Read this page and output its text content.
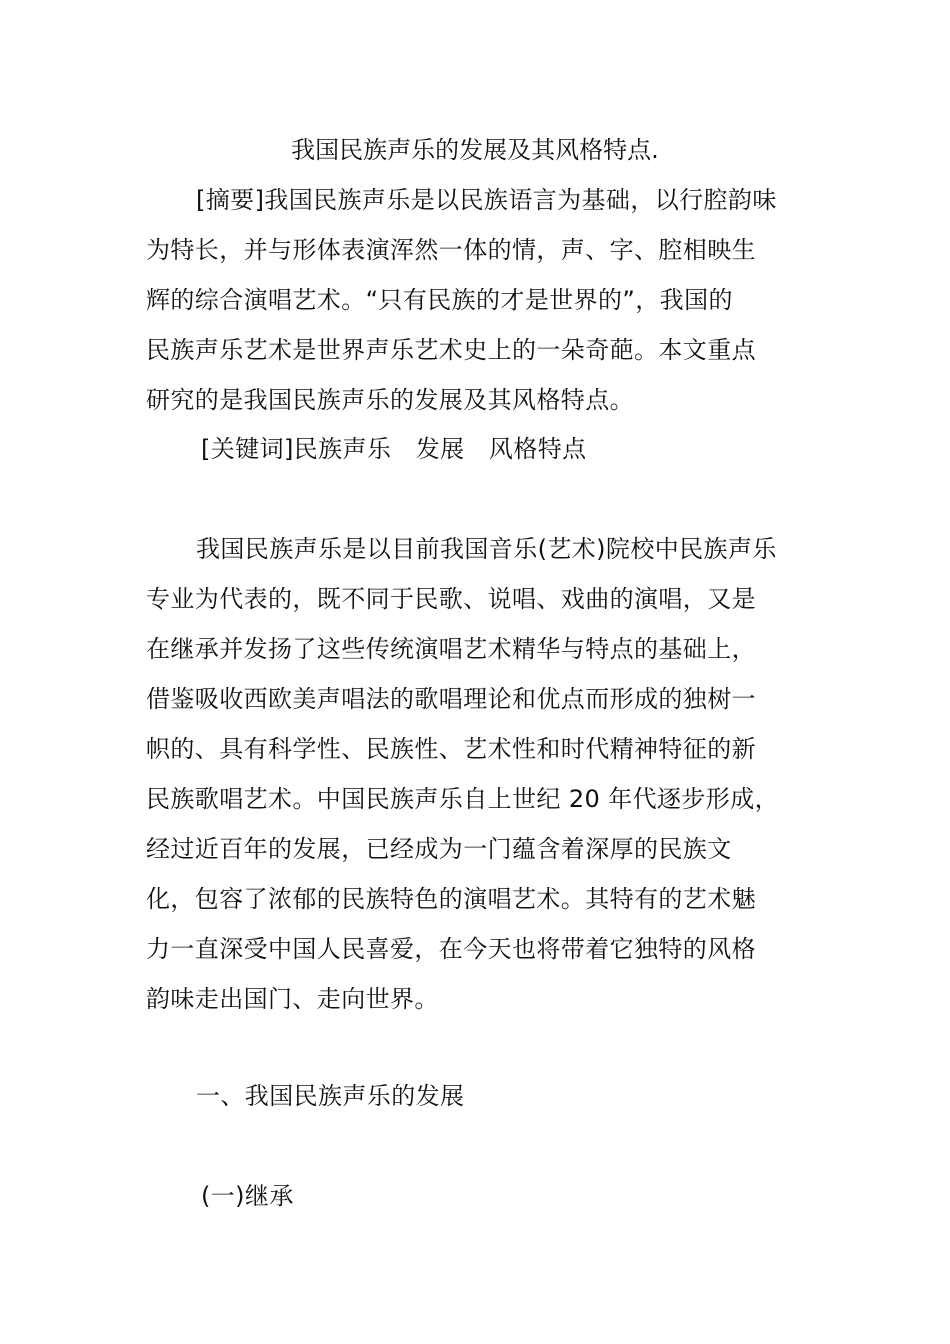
我国民族声乐的发展及其风格特点.
[摘要]我国民族声乐是以民族语言为基础，以行腔韵味
为特长，并与形体表演浑然一体的情，声、字、腔相映生
辉的综合演唱艺术。“只有民族的才是世界的”，我国的
民族声乐艺术是世界声乐艺术史上的一朵奇葩。本文重点
研究的是我国民族声乐的发展及其风格特点。
[关键词]民族声乐　发展　风格特点
我国民族声乐是以目前我国音乐(艺术)院校中民族声乐
专业为代表的，既不同于民歌、说唱、戏曲的演唱，又是
在继承并发扬了这些传统演唱艺术精华与特点的基础上，
借鉴吸收西欧美声唱法的歌唱理论和优点而形成的独树一
帜的、具有科学性、民族性、艺术性和时代精神特征的新
民族歌唱艺术。中国民族声乐自上世纪 20 年代逐步形成，
经过近百年的发展，已经成为一门蕴含着深厚的民族文
化，包容了浓郁的民族特色的演唱艺术。其特有的艺术魅
力一直深受中国人民喜爱，在今天也将带着它独特的风格
韵味走出国门、走向世界。
一、我国民族声乐的发展
(一)继承
